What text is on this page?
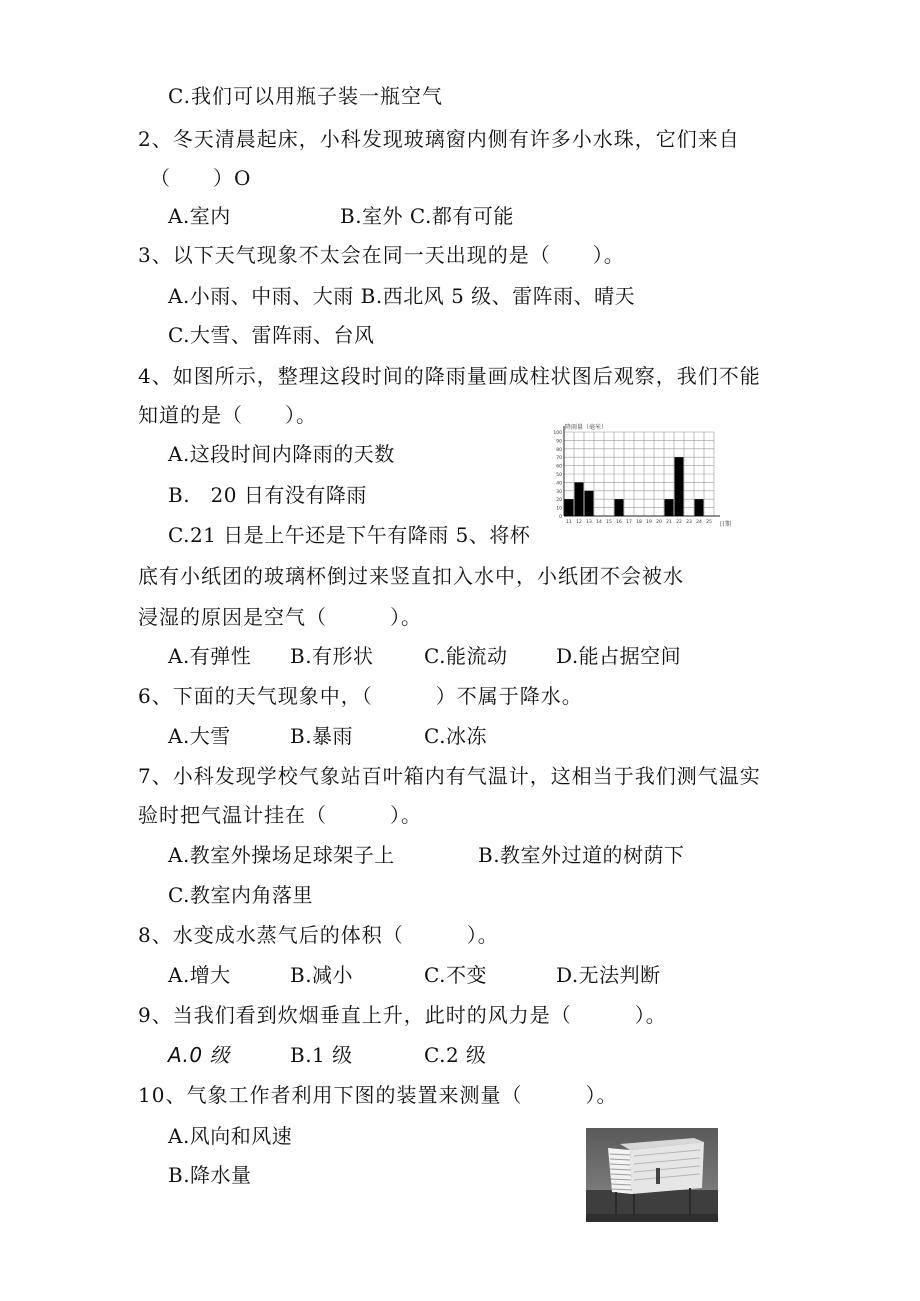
C.我们可以用瓶子装一瓶空气
2、冬天清晨起床，小科发现玻璃窗内侧有许多小水珠，它们来自
（　　）O
A.室内	B.室外 C.都有可能
3、以下天气现象不太会在同一天出现的是（　　）。
A.小雨、中雨、大雨 B.西北风 5 级、雷阵雨、晴天
C.大雪、雷阵雨、台风
4、如图所示，整理这段时间的降雨量画成柱状图后观察，我们不能
知道的是（　　）。
A.这段时间内降雨的天数
B.　20 日有没有降雨
C.21 日是上午还是下午有降雨 5、将杯
底有小纸团的玻璃杯倒过来竖直扣入水中，小纸团不会被水
浸湿的原因是空气（　　　）。
A.有弹性 B.有形状	C.能流动 D.能占据空间
6、下面的天气现象中，（　　　）不属于降水。
A.大雪	B.暴雨	C.冰冻
7、小科发现学校气象站百叶箱内有气温计，这相当于我们测气温实
验时把气温计挂在（　　　）。
A.教室外操场足球架子上	B.教室外过道的树荫下
C.教室内角落里
8、水变成水蒸气后的体积（　　　）。
A.增大	B.减小	C.不变	D.无法判断
9、当我们看到炊烟垂直上升，此时的风力是（　　　）。
A.0 级	B.1 级	C.2 级
10、气象工作者利用下图的装置来测量（　　　）。
A.风向和风速
B.降水量
0
10
20
30
40
50
60
70
80
90
100
11 12 13 14 15 16 17 18 19 20 21 22 23 24 25
降雨量（毫米）
日期
